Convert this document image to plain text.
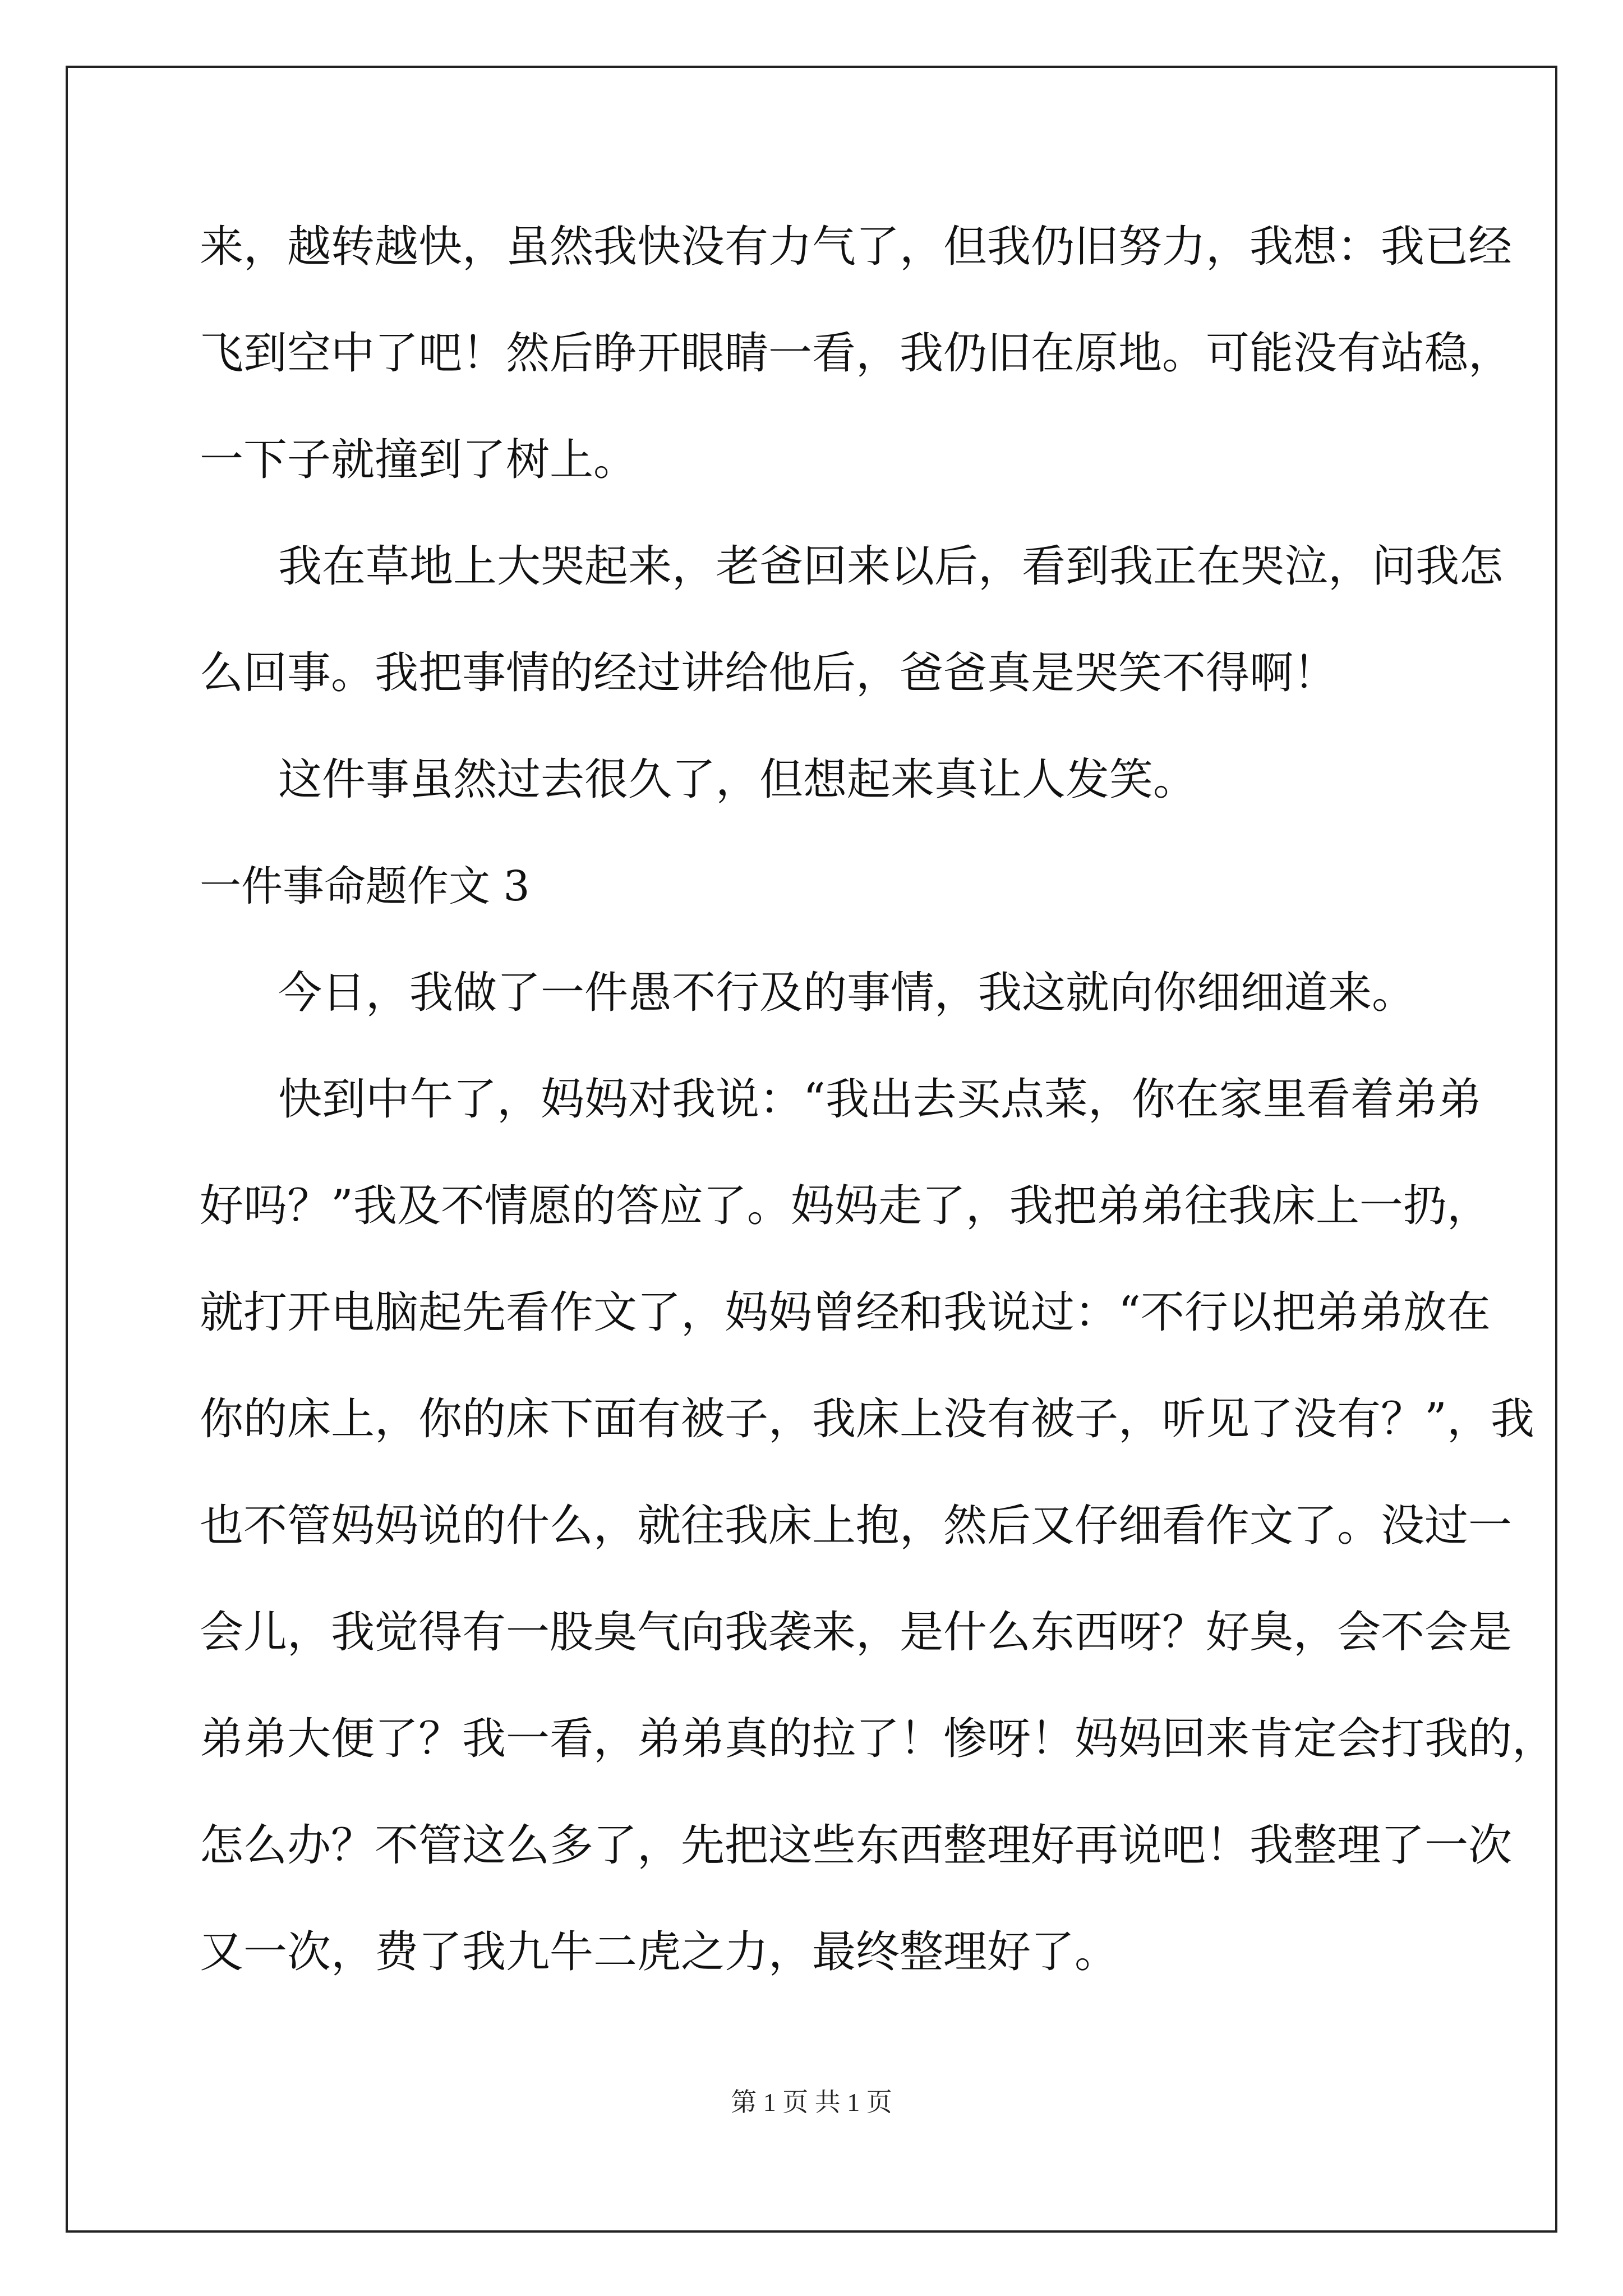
来，越转越快，虽然我快没有力气了，但我仍旧努力，我想：我已经
飞到空中了吧！然后睁开眼睛一看，我仍旧在原地。可能没有站稳，
一下子就撞到了树上。
我在草地上大哭起来，老爸回来以后，看到我正在哭泣，问我怎
么回事。我把事情的经过讲给他后，爸爸真是哭笑不得啊！
这件事虽然过去很久了，但想起来真让人发笑。
一件事命题作文 3
今日，我做了一件愚不行及的事情，我这就向你细细道来。
快到中午了，妈妈对我说：“我出去买点菜，你在家里看着弟弟
好吗？”我及不情愿的答应了。妈妈走了，我把弟弟往我床上一扔，
就打开电脑起先看作文了，妈妈曾经和我说过：“不行以把弟弟放在
你的床上，你的床下面有被子，我床上没有被子，听见了没有？”，我
也不管妈妈说的什么，就往我床上抱，然后又仔细看作文了。没过一
会儿，我觉得有一股臭气向我袭来，是什么东西呀？好臭，会不会是
弟弟大便了？我一看，弟弟真的拉了！惨呀！妈妈回来肯定会打我的，
怎么办？不管这么多了，先把这些东西整理好再说吧！我整理了一次
又一次，费了我九牛二虎之力，最终整理好了。
第 1 页 共 1 页
